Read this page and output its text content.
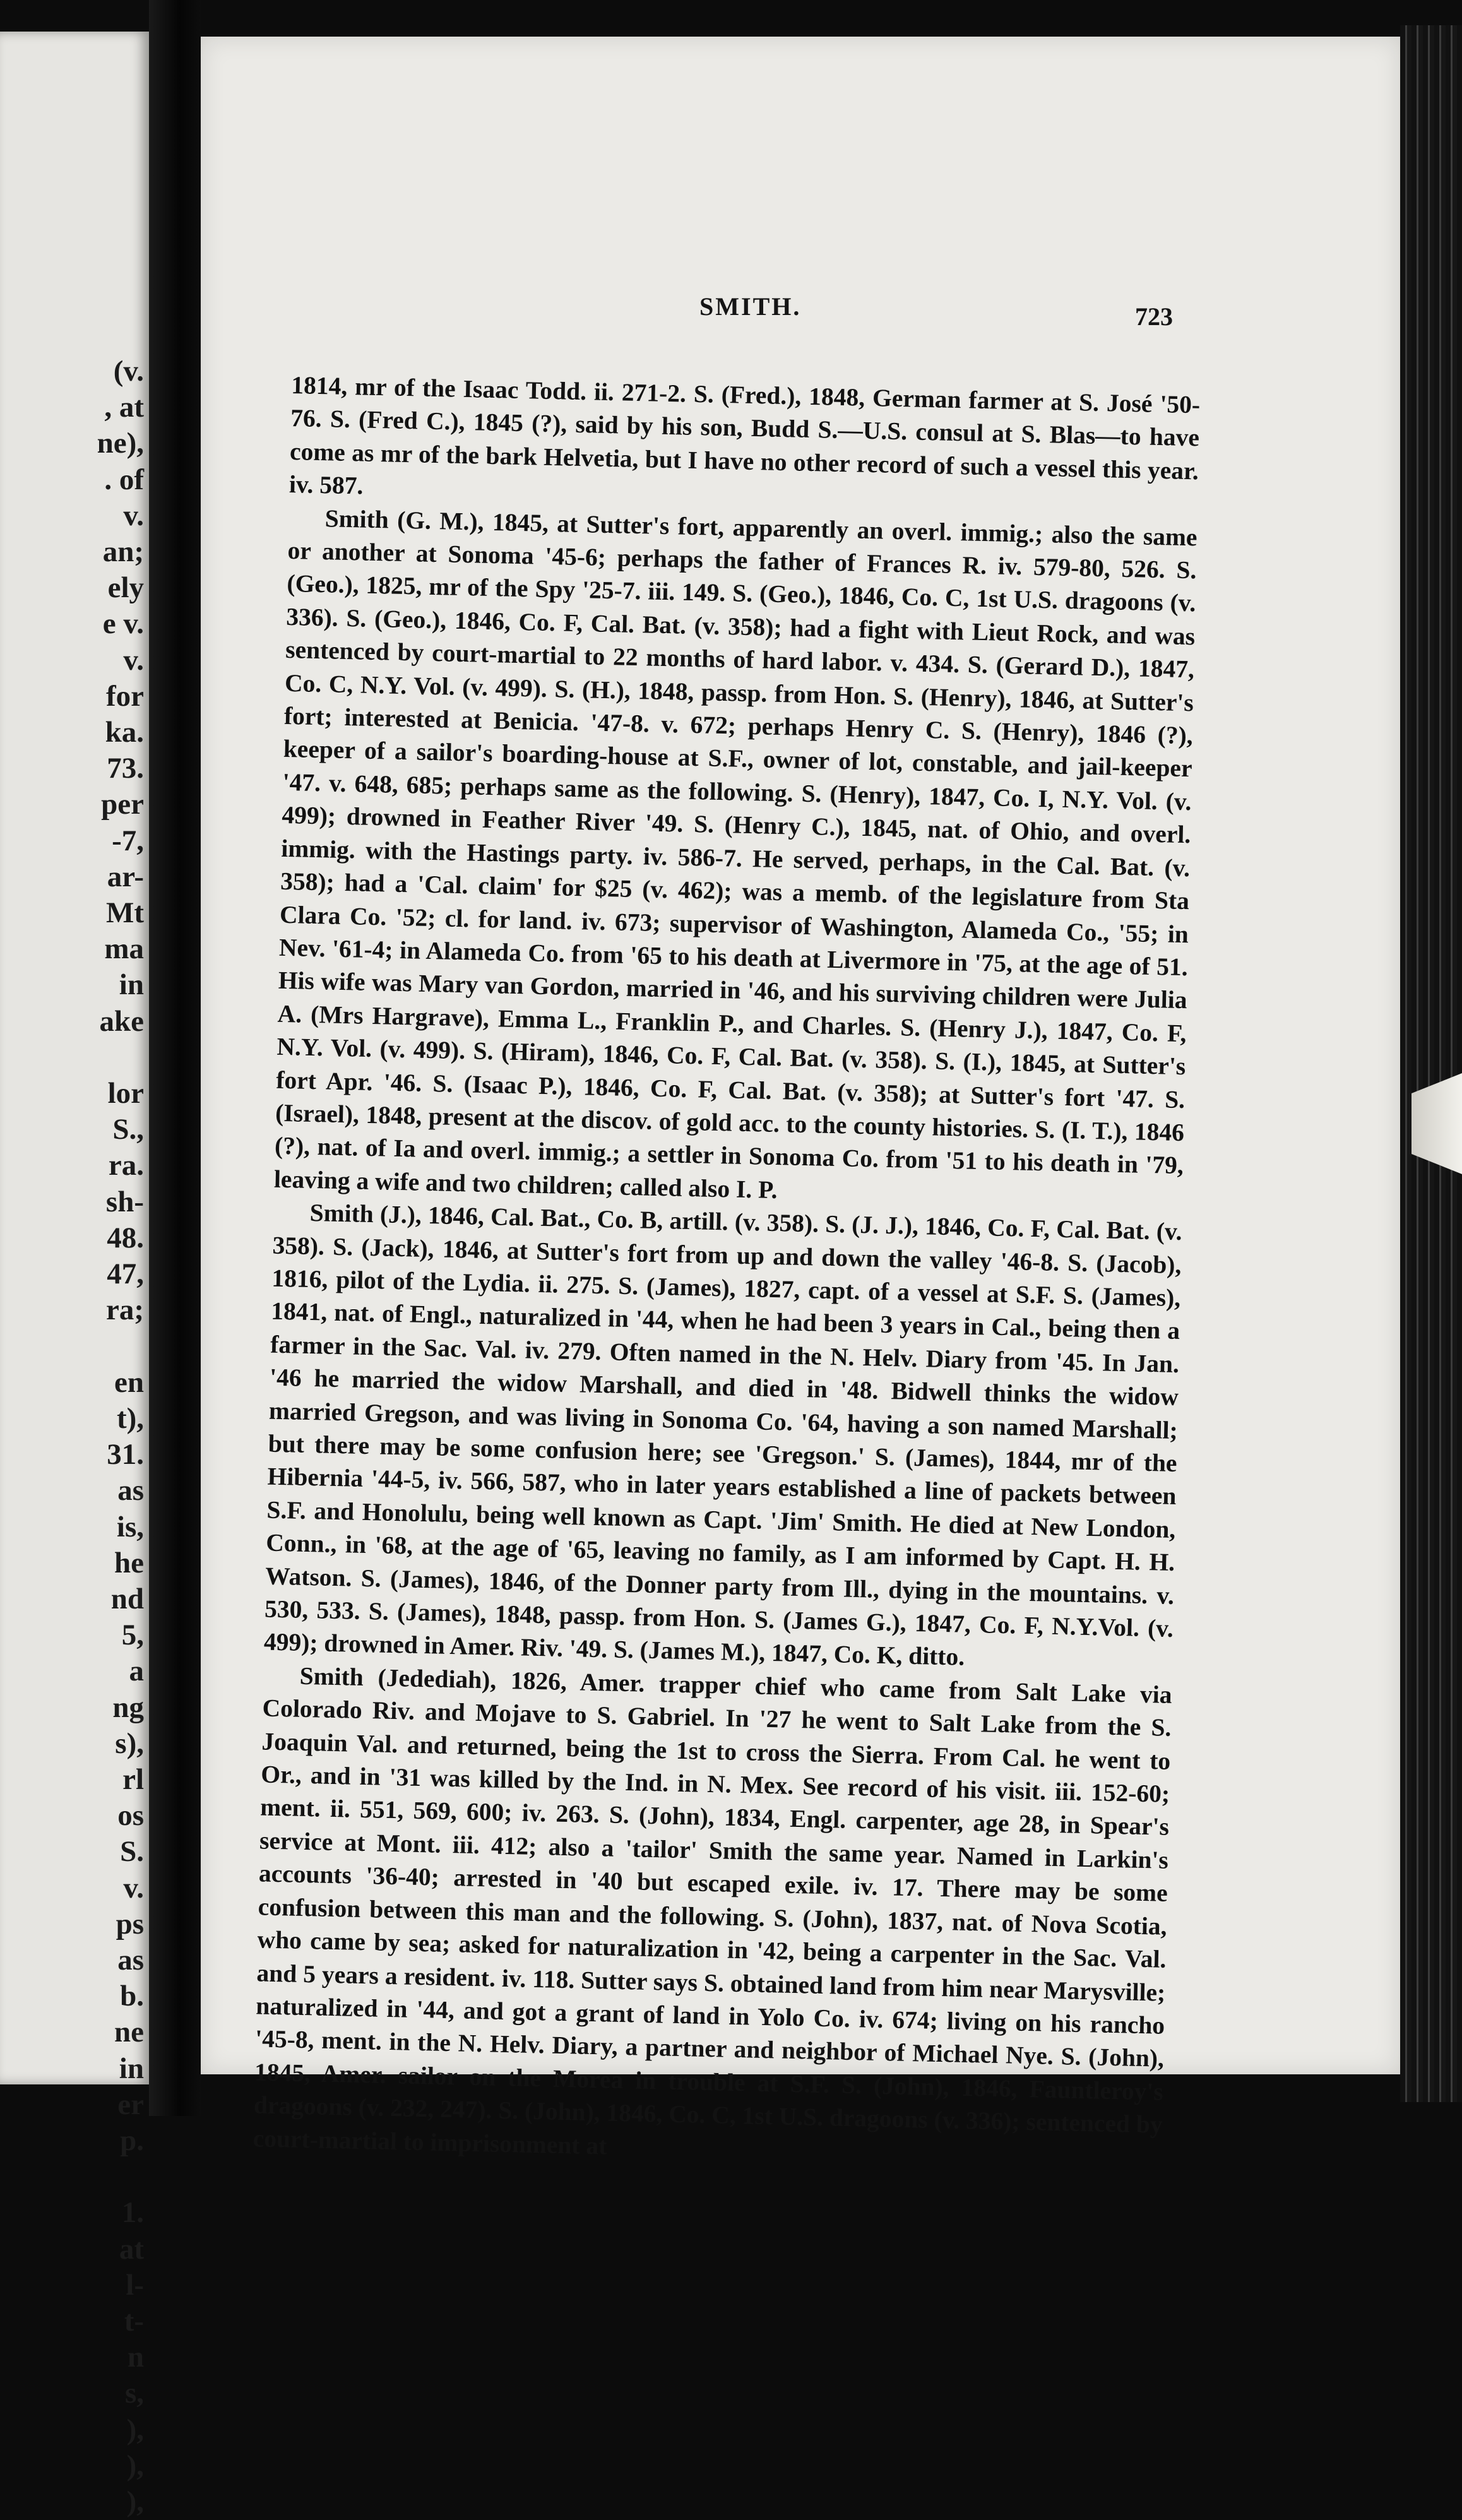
(v.
, at
ne),
. of
v.
an;
ely
e v.
v.
for
ka.
73.
per
-7,
ar-
Mt
ma
in
ake

lor
S.,
ra.
sh-
48.
47,
ra;

en
t),
31.
as
is,
he
nd
5,
a
ng
s),
rl
os
S.
v.
ps
as
b.
ne
in
er
p.

1.
at
l-
t-
n
s,
),
),
),
SMITH.	723

1814, mr of the Isaac Todd. ii. 271-2. S. (Fred.), 1848, German farmer at S. José '50-76. S. (Fred C.), 1845 (?), said by his son, Budd S.—U.S. consul at S. Blas—to have come as mr of the bark Helvetia, but I have no other record of such a vessel this year. iv. 587.

Smith (G. M.), 1845, at Sutter's fort, apparently an overl. immig.; also the same or another at Sonoma '45-6; perhaps the father of Frances R. iv. 579-80, 526. S. (Geo.), 1825, mr of the Spy '25-7. iii. 149. S. (Geo.), 1846, Co. C, 1st U.S. dragoons (v. 336). S. (Geo.), 1846, Co. F, Cal. Bat. (v. 358); had a fight with Lieut Rock, and was sentenced by court-martial to 22 months of hard labor. v. 434. S. (Gerard D.), 1847, Co. C, N.Y. Vol. (v. 499). S. (H.), 1848, passp. from Hon. S. (Henry), 1846, at Sutter's fort; interested at Benicia. '47-8. v. 672; perhaps Henry C. S. (Henry), 1846 (?), keeper of a sailor's boarding-house at S.F., owner of lot, constable, and jail-keeper '47. v. 648, 685; perhaps same as the following. S. (Henry), 1847, Co. I, N.Y. Vol. (v. 499); drowned in Feather River '49. S. (Henry C.), 1845, nat. of Ohio, and overl. immig. with the Hastings party. iv. 586-7. He served, perhaps, in the Cal. Bat. (v. 358); had a 'Cal. claim' for $25 (v. 462); was a memb. of the legislature from Sta Clara Co. '52; cl. for land. iv. 673; supervisor of Washington, Alameda Co., '55; in Nev. '61-4; in Alameda Co. from '65 to his death at Livermore in '75, at the age of 51. His wife was Mary van Gordon, married in '46, and his surviving children were Julia A. (Mrs Hargrave), Emma L., Franklin P., and Charles. S. (Henry J.), 1847, Co. F, N.Y. Vol. (v. 499). S. (Hiram), 1846, Co. F, Cal. Bat. (v. 358). S. (I.), 1845, at Sutter's fort Apr. '46. S. (Isaac P.), 1846, Co. F, Cal. Bat. (v. 358); at Sutter's fort '47. S. (Israel), 1848, present at the discov. of gold acc. to the county histories. S. (I. T.), 1846 (?), nat. of Ia and overl. immig.; a settler in Sonoma Co. from '51 to his death in '79, leaving a wife and two children; called also I. P.

Smith (J.), 1846, Cal. Bat., Co. B, artill. (v. 358). S. (J. J.), 1846, Co. F, Cal. Bat. (v. 358). S. (Jack), 1846, at Sutter's fort from up and down the valley '46-8. S. (Jacob), 1816, pilot of the Lydia. ii. 275. S. (James), 1827, capt. of a vessel at S.F. S. (James), 1841, nat. of Engl., naturalized in '44, when he had been 3 years in Cal., being then a farmer in the Sac. Val. iv. 279. Often named in the N. Helv. Diary from '45. In Jan. '46 he married the widow Marshall, and died in '48. Bidwell thinks the widow married Gregson, and was living in Sonoma Co. '64, having a son named Marshall; but there may be some confusion here; see 'Gregson.' S. (James), 1844, mr of the Hibernia '44-5, iv. 566, 587, who in later years established a line of packets between S.F. and Honolulu, being well known as Capt. 'Jim' Smith. He died at New London, Conn., in '68, at the age of '65, leaving no family, as I am informed by Capt. H. H. Watson. S. (James), 1846, of the Donner party from Ill., dying in the mountains. v. 530, 533. S. (James), 1848, passp. from Hon. S. (James G.), 1847, Co. F, N.Y.Vol. (v. 499); drowned in Amer. Riv. '49. S. (James M.), 1847, Co. K, ditto.

Smith (Jedediah), 1826, Amer. trapper chief who came from Salt Lake via Colorado Riv. and Mojave to S. Gabriel. In '27 he went to Salt Lake from the S. Joaquin Val. and returned, being the 1st to cross the Sierra. From Cal. he went to Or., and in '31 was killed by the Ind. in N. Mex. See record of his visit. iii. 152-60; ment. ii. 551, 569, 600; iv. 263. S. (John), 1834, Engl. carpenter, age 28, in Spear's service at Mont. iii. 412; also a 'tailor' Smith the same year. Named in Larkin's accounts '36-40; arrested in '40 but escaped exile. iv. 17. There may be some confusion between this man and the following. S. (John), 1837, nat. of Nova Scotia, who came by sea; asked for naturalization in '42, being a carpenter in the Sac. Val. and 5 years a resident. iv. 118. Sutter says S. obtained land from him near Marysville; naturalized in '44, and got a grant of land in Yolo Co. iv. 674; living on his rancho '45-8, ment. in the N. Helv. Diary, a partner and neighbor of Michael Nye. S. (John), 1845, Amer. sailor on the Morea in trouble at S.F. S. (John), 1846, Fauntleroy's dragoons (v. 232, 247). S. (John), 1846, Co. C, 1st U.S. dragoons (v. 336); sentenced by court-martial to imprisonment at
